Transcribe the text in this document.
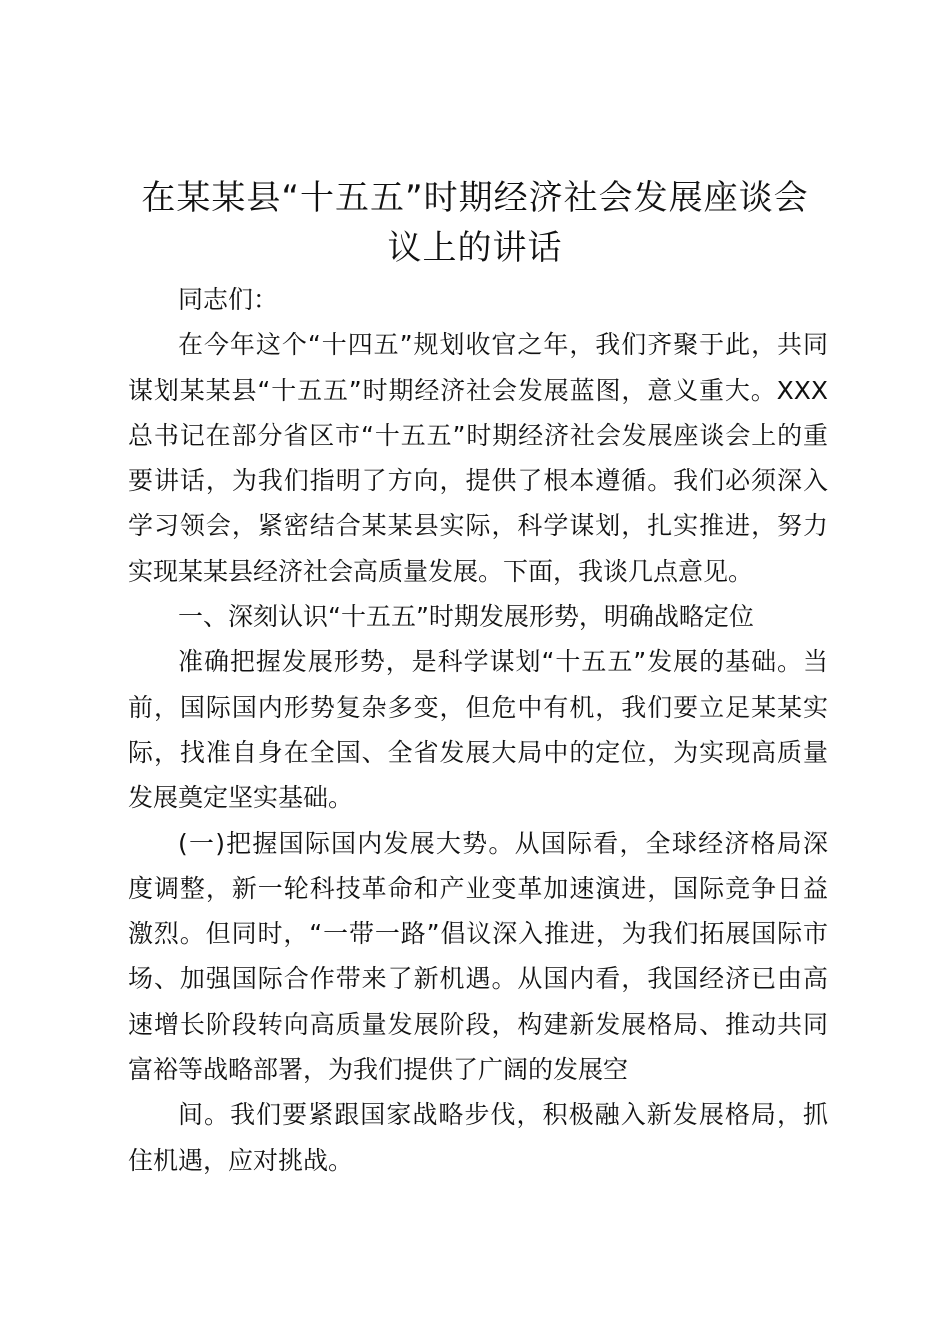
在某某县“十五五”时期经济社会发展座谈会
议上的讲话
同志们：
在今年这个“十四五”规划收官之年，我们齐聚于此，共同
谋划某某县“十五五”时期经济社会发展蓝图，意义重大。XXX
总书记在部分省区市“十五五”时期经济社会发展座谈会上的重
要讲话，为我们指明了方向，提供了根本遵循。我们必须深入
学习领会，紧密结合某某县实际，科学谋划，扎实推进，努力
实现某某县经济社会高质量发展。下面，我谈几点意见。
一、深刻认识“十五五”时期发展形势，明确战略定位
准确把握发展形势，是科学谋划“十五五”发展的基础。当
前，国际国内形势复杂多变，但危中有机，我们要立足某某实
际，找准自身在全国、全省发展大局中的定位，为实现高质量
发展奠定坚实基础。
(一)把握国际国内发展大势。从国际看，全球经济格局深
度调整，新一轮科技革命和产业变革加速演进，国际竞争日益
激烈。但同时，“一带一路”倡议深入推进，为我们拓展国际市
场、加强国际合作带来了新机遇。从国内看，我国经济已由高
速增长阶段转向高质量发展阶段，构建新发展格局、推动共同
富裕等战略部署，为我们提供了广阔的发展空
间。我们要紧跟国家战略步伐，积极融入新发展格局，抓
住机遇，应对挑战。
